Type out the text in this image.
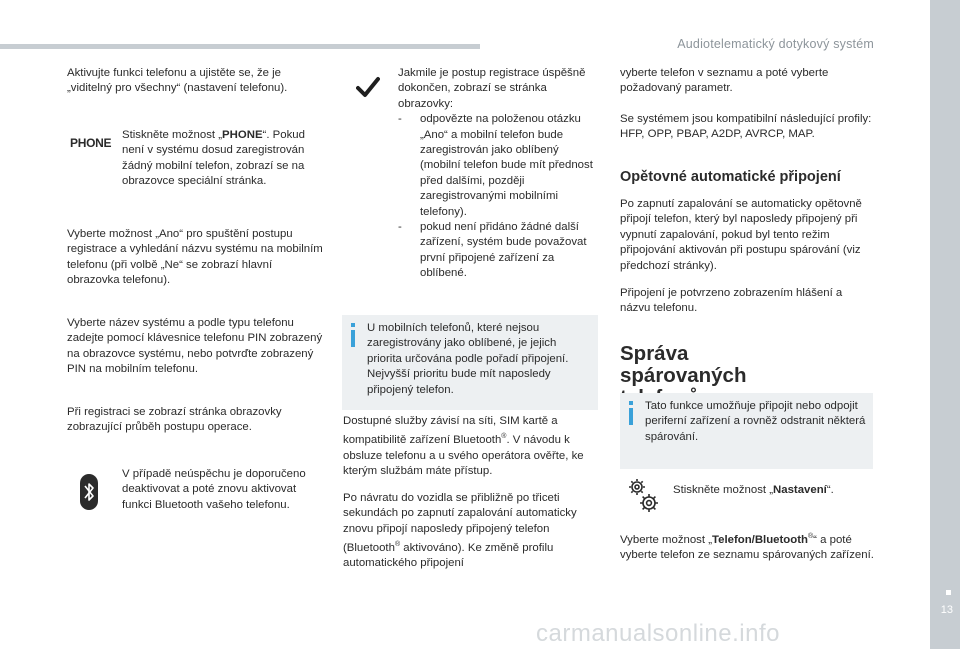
Audiotelematický dotykový systém
13
Aktivujte funkci telefonu a ujistěte se, že je „viditelný pro všechny“ (nastavení telefonu).
PHONE

Stiskněte možnost „PHONE“. Pokud není v systému dosud zaregistrován žádný mobilní telefon, zobrazí se na obrazovce speciální stránka.

Vyberte možnost „Ano“ pro spuštění postupu registrace a vyhledání názvu systému na mobilním telefonu (při volbě „Ne“ se zobrazí hlavní obrazovka telefonu).
Vyberte název systému a podle typu telefonu zadejte pomocí klávesnice telefonu PIN zobrazený na obrazovce systému, nebo potvrďte zobrazený PIN na mobilním telefonu.
Při registraci se zobrazí stránka obrazovky zobrazující průběh postupu operace.
V případě neúspěchu je doporučeno deaktivovat a poté znovu aktivovat funkci Bluetooth vašeho telefonu.

Jakmile je postup registrace úspěšně dokončen, zobrazí se stránka obrazovky:

-	odpovězte na položenou otázku „Ano“ a mobilní telefon bude zaregistrován jako oblíbený (mobilní telefon bude mít přednost před dalšími, později zaregistrovanými mobilními telefony).
-	pokud není přidáno žádné další zařízení, systém bude považovat první připojené zařízení za oblíbené.
U mobilních telefonů, které nejsou zaregistrovány jako oblíbené, je jejich priorita určována podle pořadí připojení. Nejvyšší prioritu bude mít naposledy připojený telefon.

Dostupné služby závisí na síti, SIM kartě a kompatibilitě zařízení Bluetooth®. V návodu k obsluze telefonu a u svého operátora ověřte, ke kterým službám máte přístup.

Po návratu do vozidla se přibližně po třiceti sekundách po zapnutí zapalování automaticky znovu připojí naposledy připojený telefon (Bluetooth® aktivováno). Ke změně profilu automatického připojení

vyberte telefon v seznamu a poté vyberte požadovaný parametr.
Se systémem jsou kompatibilní následující profily: HFP, OPP, PBAP, A2DP, AVRCP, MAP.
Opětovné automatické připojení
Po zapnutí zapalování se automaticky opětovně připojí telefon, který byl naposledy připojený při vypnutí zapalování, pokud byl tento režim připojování aktivován při postupu spárování (viz předchozí stránky).
Připojení je potvrzeno zobrazením hlášení a názvu telefonu.
Správa spárovaných
Tato funkce umožňuje připojit nebo odpojit periferní zařízení a rovněž odstranit některá spárování.

Stiskněte možnost „Nastavení“.

Vyberte možnost „Telefon/Bluetooth®“ a poté vyberte telefon ze seznamu spárovaných zařízení.

carmanualsonline.info
